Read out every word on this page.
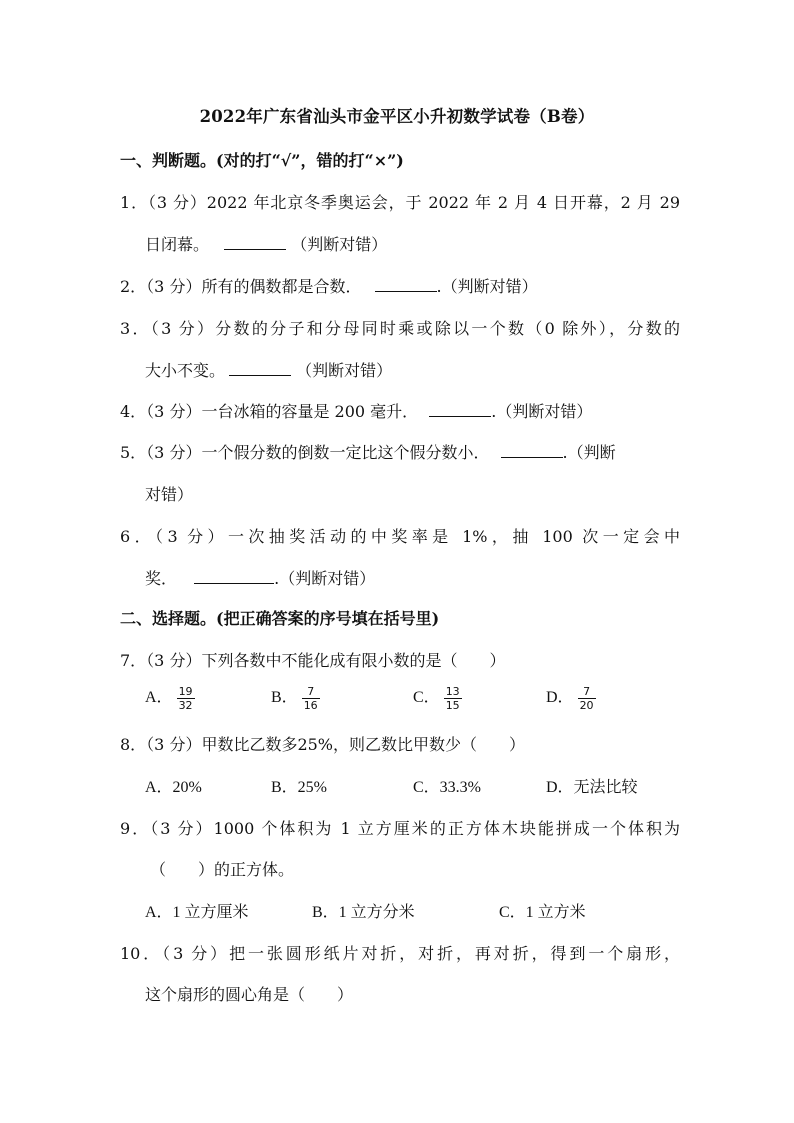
2022年广东省汕头市金平区小升初数学试卷（B卷）
一、判断题。(对的打“√”，错的打“×”)
1．（3 分）2022 年北京冬季奥运会，于 2022 年 2 月 4 日开幕，2 月 29
日闭幕。	（判断对错）
2．（3 分）所有的偶数都是合数．	.（判断对错）
3．（3 分）分数的分子和分母同时乘或除以一个数（0 除外），分数的
大小不变。	（判断对错）
4．（3 分）一台冰箱的容量是 200 毫升．	.（判断对错）
5．（3 分）一个假分数的倒数一定比这个假分数小．	.（判断
对错）
6．（3 分）一次抽奖活动的中奖率是 1%，抽 100 次一定会中
奖．	.（判断对错）
二、选择题。(把正确答案的序号填在括号里)
7．（3 分）下列各数中不能化成有限小数的是（　　）
A． $\frac{19}{32}$	B． $\frac{7}{16}$	C． $\frac{13}{15}$	D． $\frac{7}{20}$
8．（3 分）甲数比乙数多25%，则乙数比甲数少（　　）
A．20%	B．25%	C．33.3%	D．无法比较
9．（3 分）1000 个体积为 1 立方厘米的正方体木块能拼成一个体积为
（　　）的正方体。
A．1 立方厘米	B．1 立方分米	C．1 立方米
10．（3 分）把一张圆形纸片对折，对折，再对折，得到一个扇形，
这个扇形的圆心角是（　　）
